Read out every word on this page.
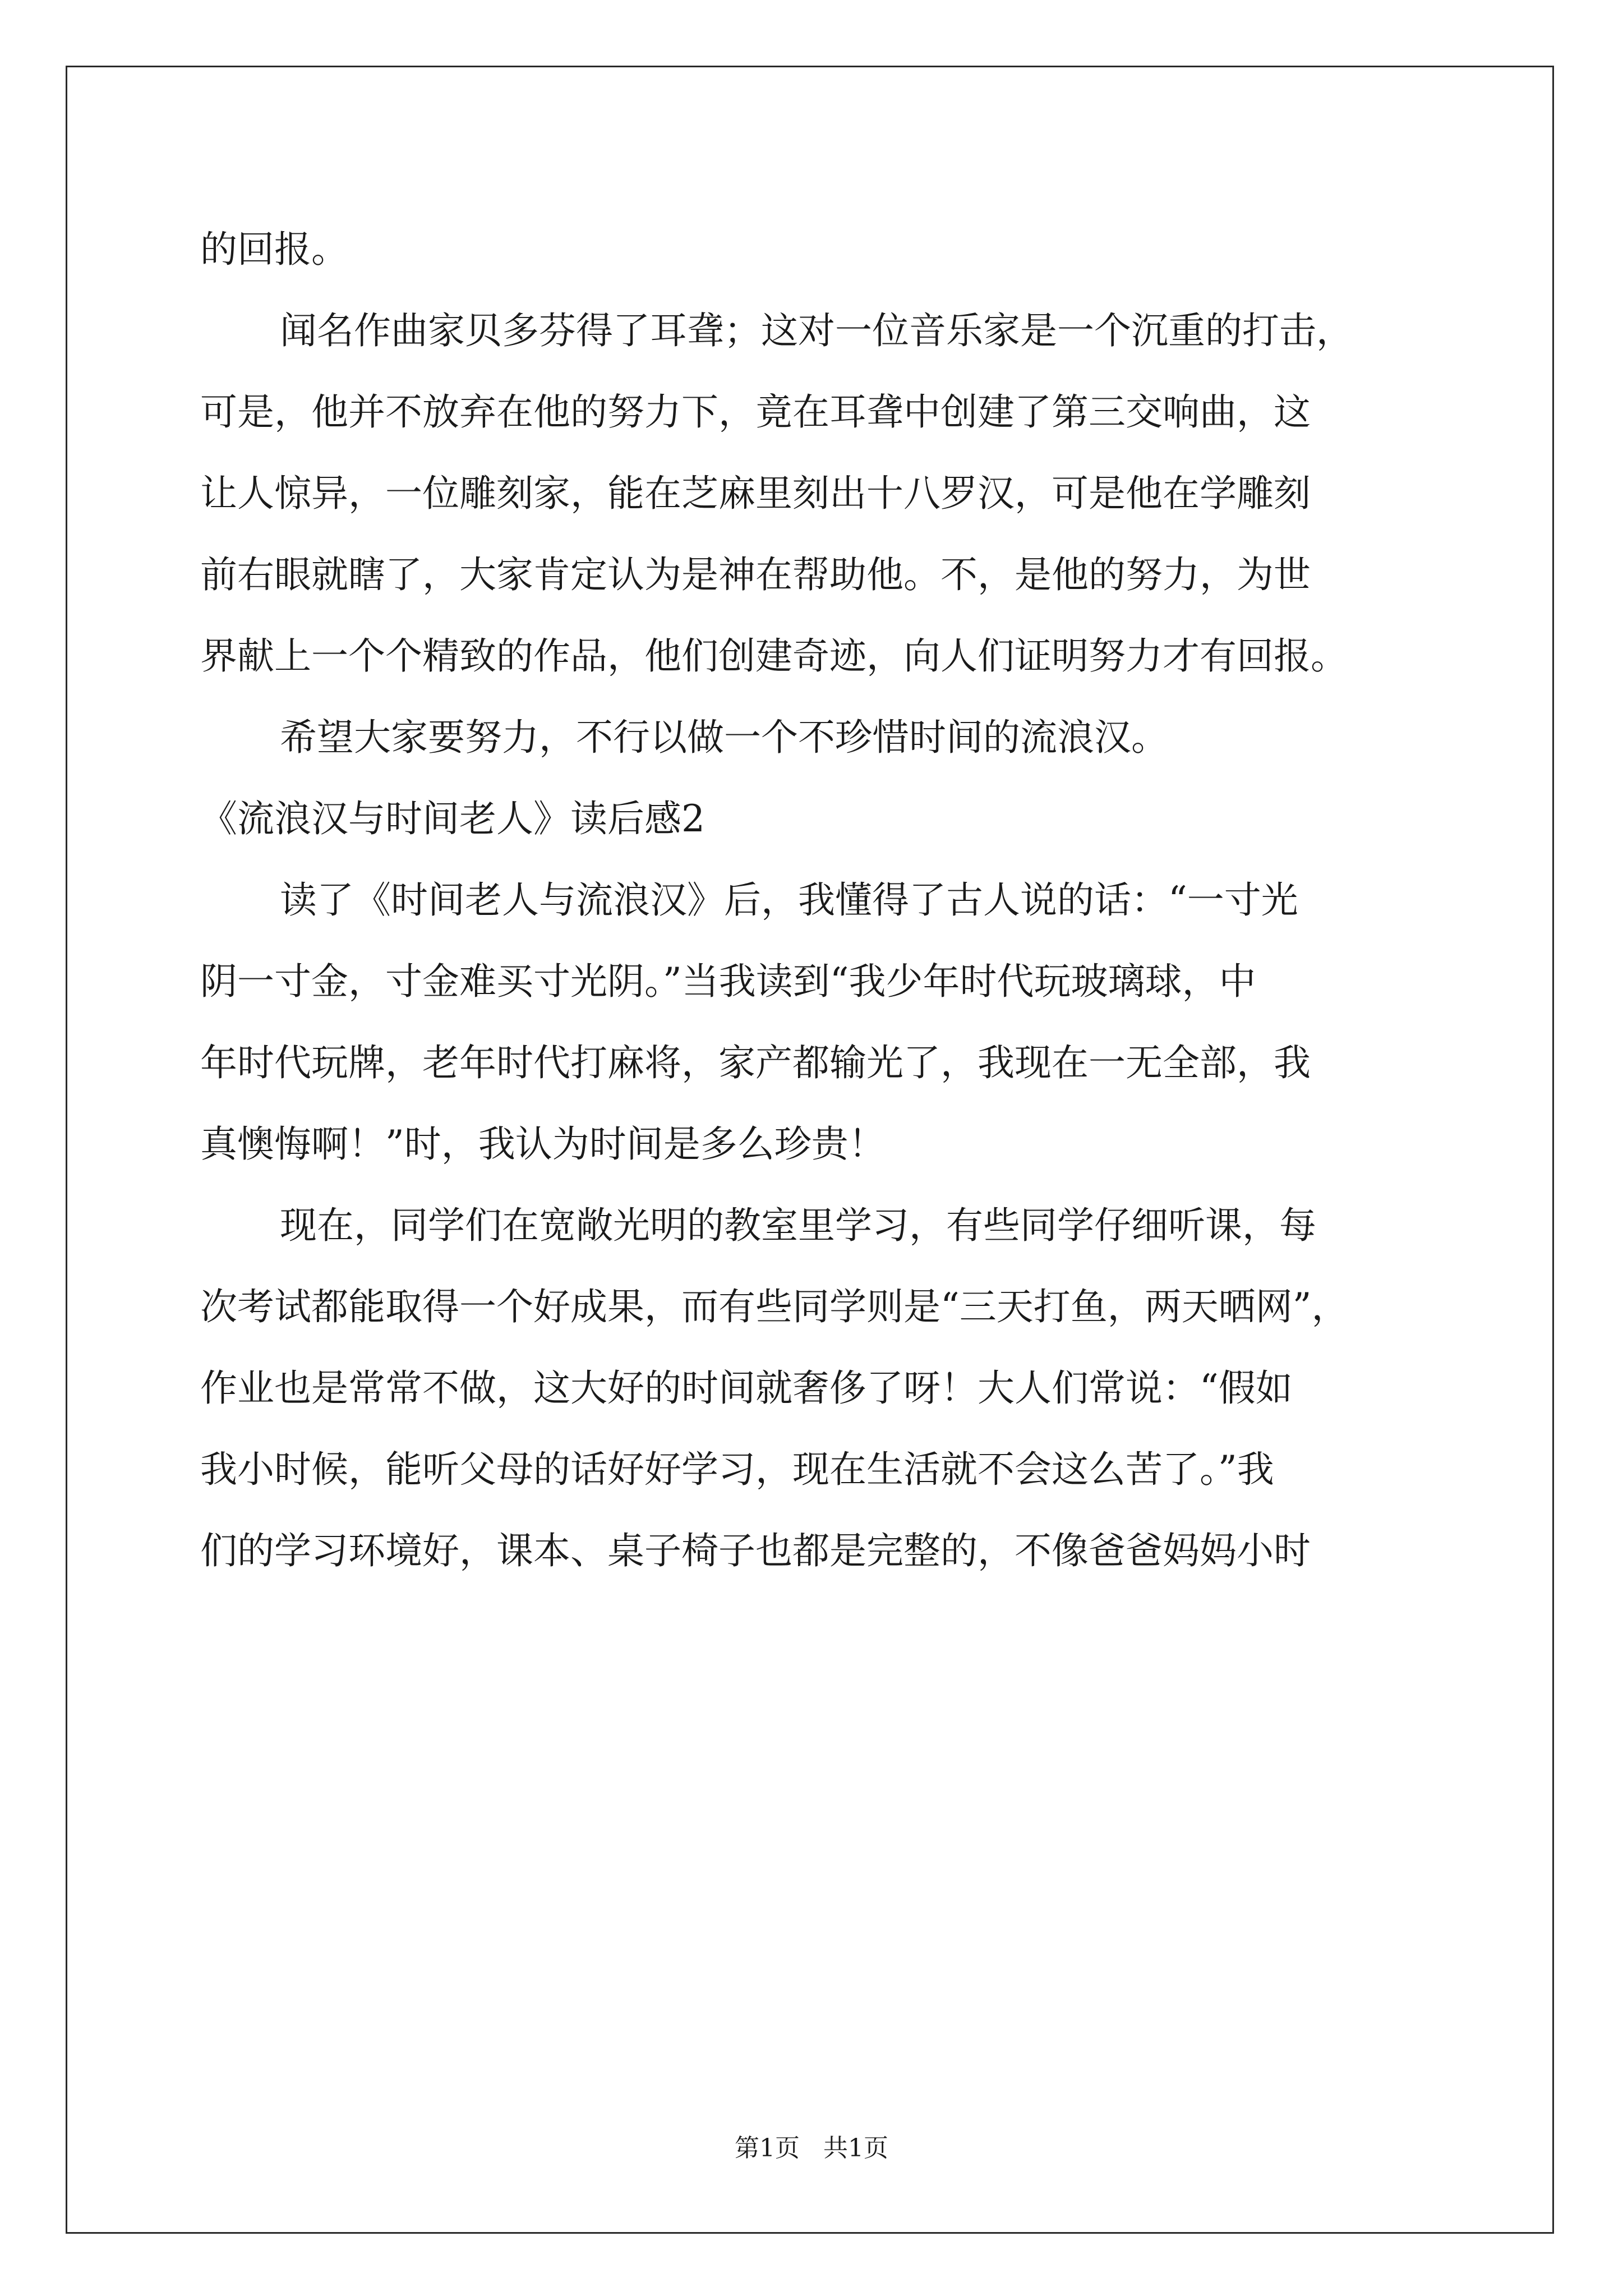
的回报。
闻名作曲家贝多芬得了耳聋；这对一位音乐家是一个沉重的打击，
可是，他并不放弃在他的努力下，竟在耳聋中创建了第三交响曲，这
让人惊异，一位雕刻家，能在芝麻里刻出十八罗汉，可是他在学雕刻
前右眼就瞎了，大家肯定认为是神在帮助他。不，是他的努力，为世
界献上一个个精致的作品，他们创建奇迹，向人们证明努力才有回报。
希望大家要努力，不行以做一个不珍惜时间的流浪汉。
《流浪汉与时间老人》读后感2
读了《时间老人与流浪汉》后，我懂得了古人说的话：“一寸光
阴一寸金，寸金难买寸光阴。”当我读到“我少年时代玩玻璃球，中
年时代玩牌，老年时代打麻将，家产都输光了，我现在一无全部，我
真懊悔啊！”时，我认为时间是多么珍贵！
现在，同学们在宽敞光明的教室里学习，有些同学仔细听课，每
次考试都能取得一个好成果，而有些同学则是“三天打鱼，两天晒网”，
作业也是常常不做，这大好的时间就奢侈了呀！大人们常说：“假如
我小时候，能听父母的话好好学习，现在生活就不会这么苦了。”我
们的学习环境好，课本、桌子椅子也都是完整的，不像爸爸妈妈小时
第1页   共1页
